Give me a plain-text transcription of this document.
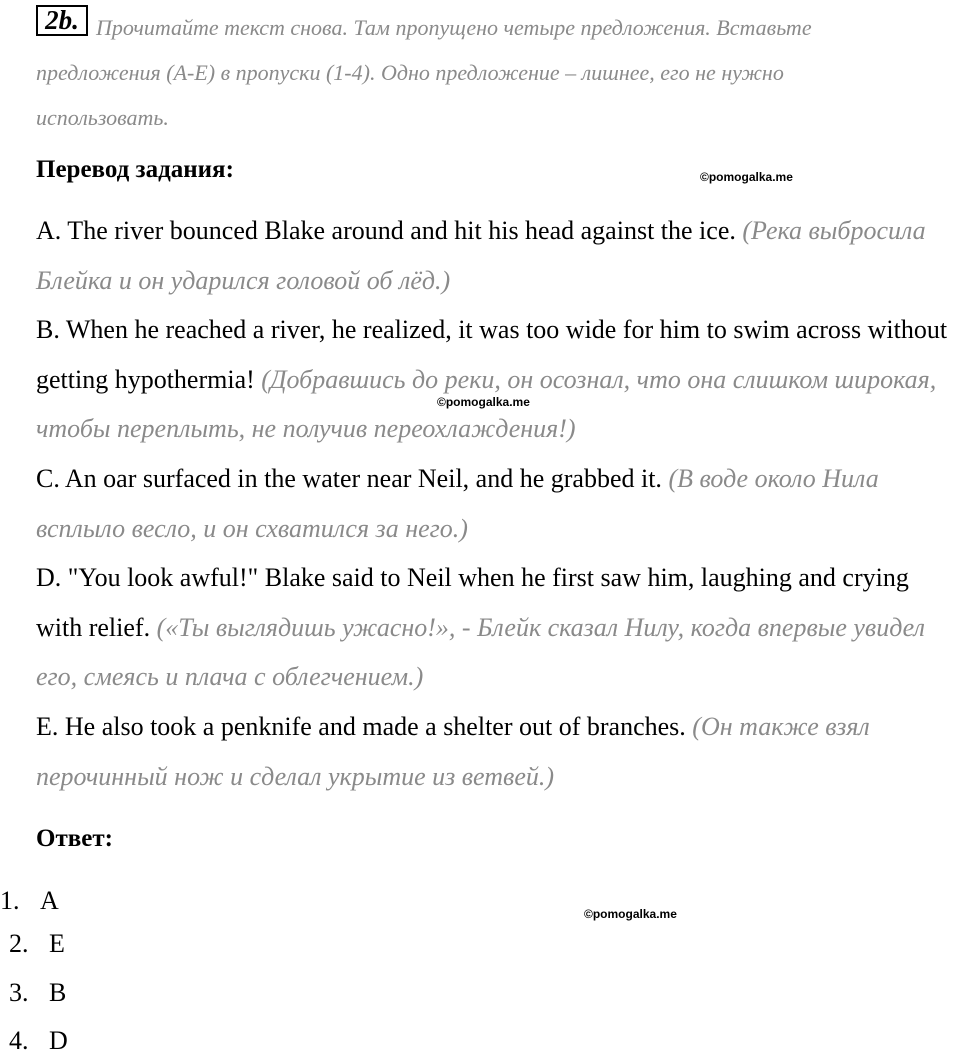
Прочитайте текст снова. Там пропущено четыре предложения. Вставьте предложения (А-Е) в пропуски (1-4). Одно предложение – лишнее, его не нужно использовать.

2b.
Перевод задания:	©pomogalka.me
A. The river bounced Blake around and hit his head against the ice. (Река выбросила Блейка и он ударился головой об лёд.)
B. When he reached a river, he realized, it was too wide for him to swim across without getting hypothermia! (Добравшись до реки, он осознал, что она слишком широкая, чтобы переплыть, не получив переохлаждения!)
C. An oar surfaced in the water near Neil, and he grabbed it. (В воде около Нила всплыло весло, и он схватился за него.)
D. "You look awful!" Blake said to Neil when he first saw him, laughing and crying with relief. («Ты выглядишь ужасно!», - Блейк сказал Нилу, когда впервые увидел его, смеясь и плача с облегчением.)
E. He also took a penknife and made a shelter out of branches. (Он также взял перочинный нож и сделал укрытие из ветвей.)
©pomogalka.me
Ответ:
©pomogalka.me
1. A
2. E
3. B
4. D
